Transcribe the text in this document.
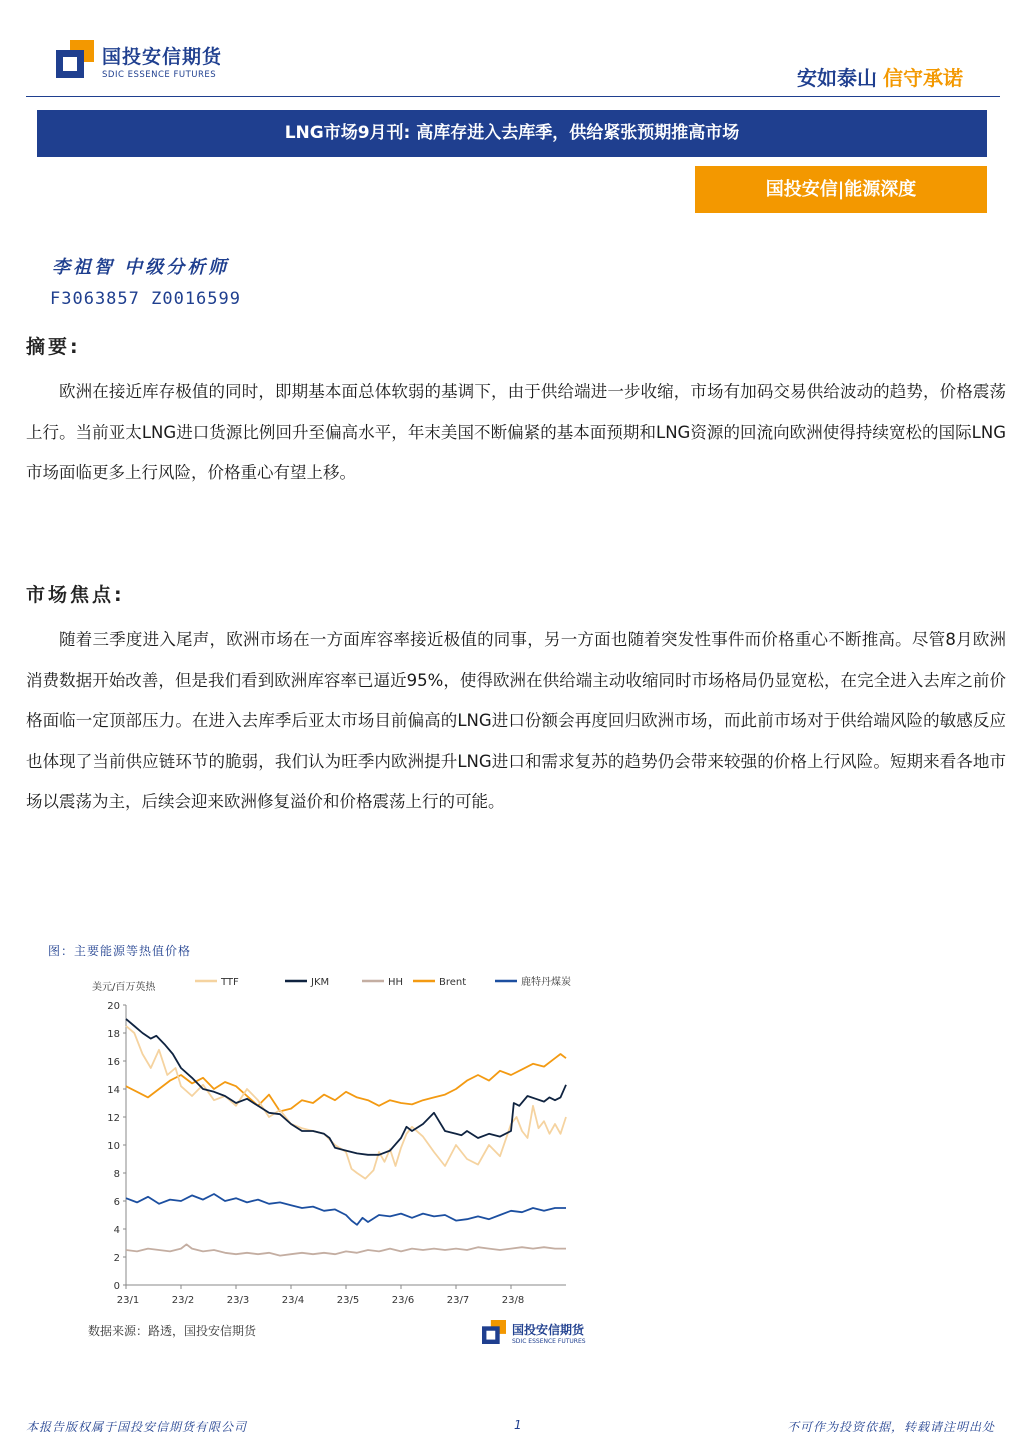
国投安信期货
SDIC ESSENCE FUTURES	安如泰山 信守承诺
LNG市场9月刊: 高库存进入去库季，供给紧张预期推高市场
国投安信|能源深度
李祖智 中级分析师
F3063857 Z0016599
摘要:
欧洲在接近库存极值的同时，即期基本面总体软弱的基调下，由于供给端进一步收缩，市场有加码交易供给波动的趋势，价格震荡上行。当前亚太LNG进口货源比例回升至偏高水平，年末美国不断偏紧的基本面预期和LNG资源的回流向欧洲使得持续宽松的国际LNG市场面临更多上行风险，价格重心有望上移。
市场焦点:
随着三季度进入尾声，欧洲市场在一方面库容率接近极值的同事，另一方面也随着突发性事件而价格重心不断推高。尽管8月欧洲消费数据开始改善，但是我们看到欧洲库容率已逼近95%，使得欧洲在供给端主动收缩同时市场格局仍显宽松，在完全进入去库之前价格面临一定顶部压力。在进入去库季后亚太市场目前偏高的LNG进口份额会再度回归欧洲市场，而此前市场对于供给端风险的敏感反应也体现了当前供应链环节的脆弱，我们认为旺季内欧洲提升LNG进口和需求复苏的趋势仍会带来较强的价格上行风险。短期来看各地市场以震荡为主，后续会迎来欧洲修复溢价和价格震荡上行的可能。
图：主要能源等热值价格
0
2
4
6
8
10
12
14
16
18
20
23/1	23/2	23/3	23/4	23/5	23/6	23/7	23/8
美元/百万英热	TTF	JKM	HH	Brent	鹿特丹煤炭
数据来源：路透，国投安信期货	国投安信期货
SDIC ESSENCE FUTURES
本报告版权属于国投安信期货有限公司	1	不可作为投资依据，转载请注明出处
